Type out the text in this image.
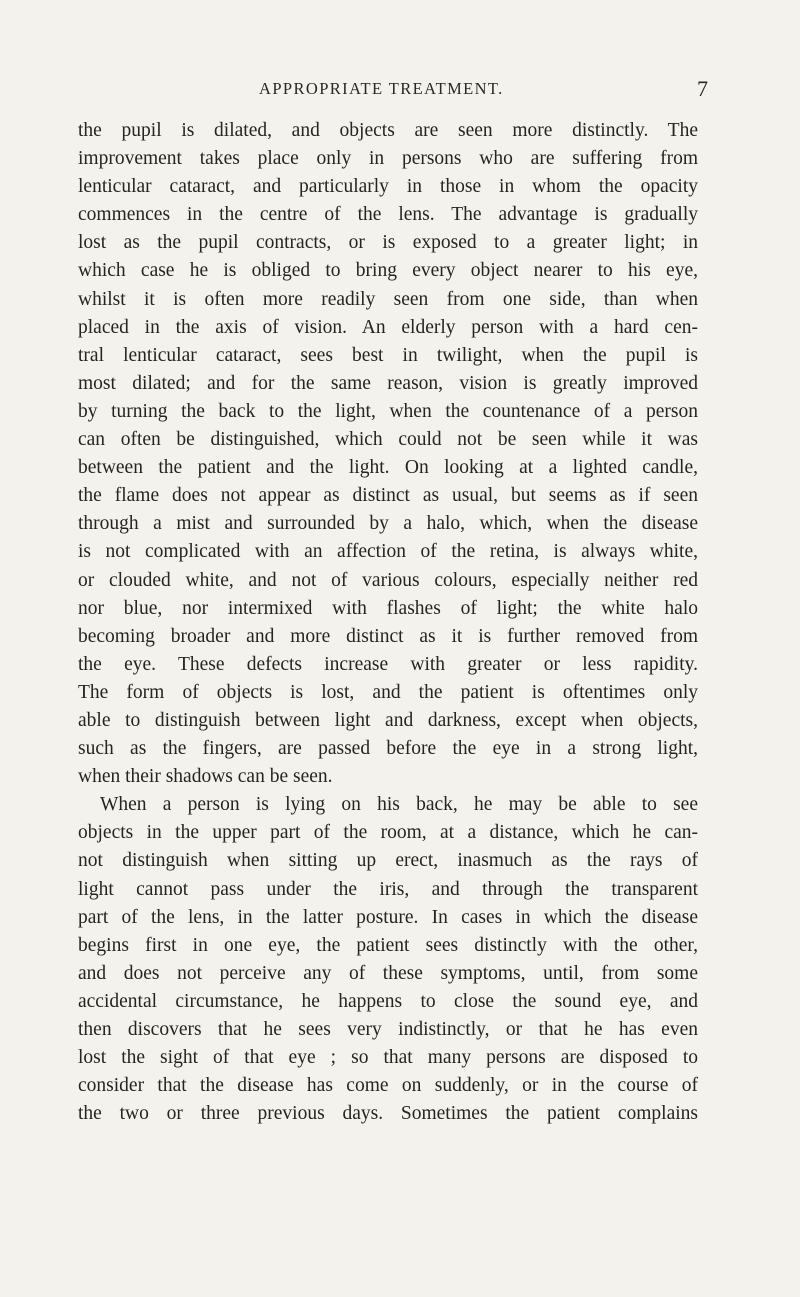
APPROPRIATE TREATMENT.	7
the pupil is dilated, and objects are seen more distinctly. The
improvement takes place only in persons who are suffering from
lenticular cataract, and particularly in those in whom the opacity
commences in the centre of the lens. The advantage is gradually
lost as the pupil contracts, or is exposed to a greater light; in
which case he is obliged to bring every object nearer to his eye,
whilst it is often more readily seen from one side, than when
placed in the axis of vision. An elderly person with a hard cen-
tral lenticular cataract, sees best in twilight, when the pupil is
most dilated; and for the same reason, vision is greatly improved
by turning the back to the light, when the countenance of a person
can often be distinguished, which could not be seen while it was
between the patient and the light. On looking at a lighted candle,
the flame does not appear as distinct as usual, but seems as if seen
through a mist and surrounded by a halo, which, when the disease
is not complicated with an affection of the retina, is always white,
or clouded white, and not of various colours, especially neither red
nor blue, nor intermixed with flashes of light; the white halo
becoming broader and more distinct as it is further removed from
the eye. These defects increase with greater or less rapidity.
The form of objects is lost, and the patient is oftentimes only
able to distinguish between light and darkness, except when objects,
such as the fingers, are passed before the eye in a strong light,
when their shadows can be seen.
When a person is lying on his back, he may be able to see
objects in the upper part of the room, at a distance, which he can-
not distinguish when sitting up erect, inasmuch as the rays of
light cannot pass under the iris, and through the transparent
part of the lens, in the latter posture. In cases in which the disease
begins first in one eye, the patient sees distinctly with the other,
and does not perceive any of these symptoms, until, from some
accidental circumstance, he happens to close the sound eye, and
then discovers that he sees very indistinctly, or that he has even
lost the sight of that eye ; so that many persons are disposed to
consider that the disease has come on suddenly, or in the course of
the two or three previous days. Sometimes the patient complains
